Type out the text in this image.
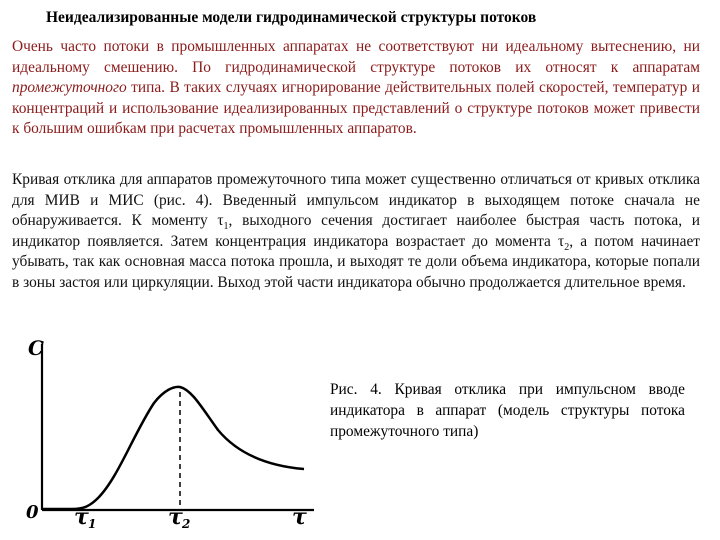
Неидеализированные модели гидродинамической структуры потоков

Очень часто потоки в промышленных аппаратах не соответствуют ни идеальному вытеснению, ни идеальному смешению. По гидродинамической структуре потоков их относят к аппаратам промежуточного типа. В таких случаях игнорирование действительных полей скоростей, температур и концентраций и использование идеализированных представлений о структуре потоков может привести к большим ошибкам при расчетах промышленных аппаратов.

Кривая отклика для аппаратов промежуточного типа может существенно отличаться от кривых отклика для МИВ и МИС (рис. 4). Введенный импульсом индикатор в выходящем потоке сначала не обнаруживается. К моменту $\tau_1$, выходного сечения достигает наиболее быстрая часть потока, и индикатор появляется. Затем концентрация индикатора возрастает до момента $\tau_2$, а потом начинает убывать, так как основная масса потока прошла, и выходят те доли объема индикатора, которые попали в зоны застоя или циркуляции. Выход этой части индикатора обычно продолжается длительное время.

C
0 τ 1	τ 2	τ
Рис. 4. Кривая отклика при импульсном вводе индикатора в аппарат (модель структуры потока промежуточного типа)
